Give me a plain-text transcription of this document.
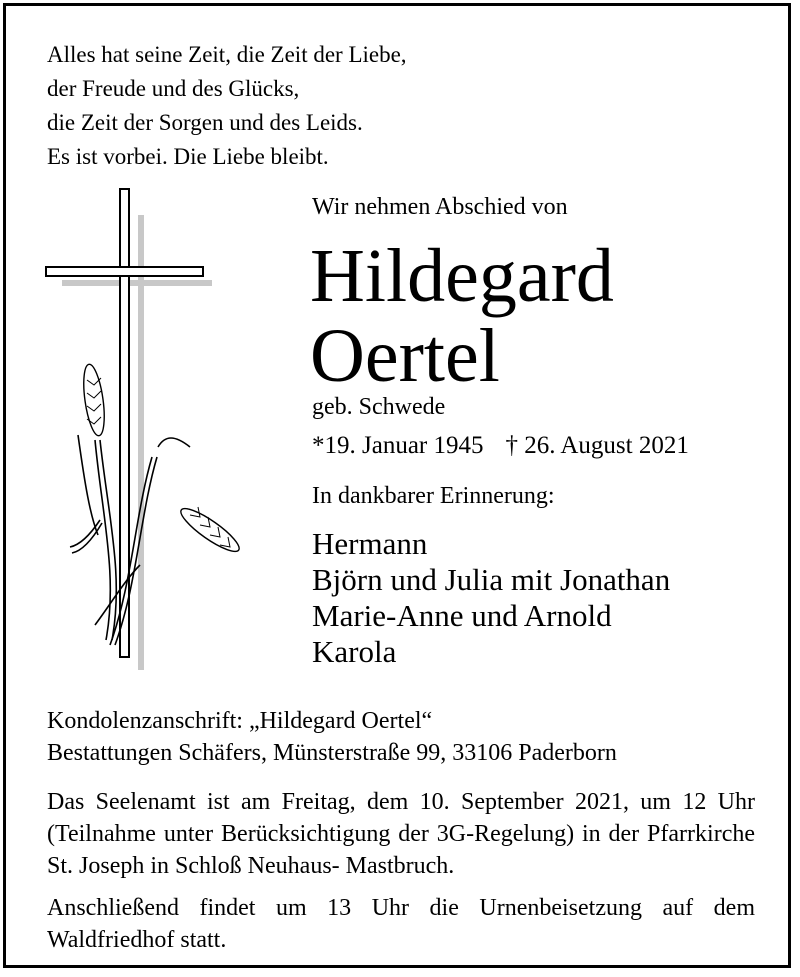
Alles hat seine Zeit, die Zeit der Liebe,
der Freude und des Glücks,
die Zeit der Sorgen und des Leids.
Es ist vorbei. Die Liebe bleibt.
Wir nehmen Abschied von
Hildegard
Oertel
geb. Schwede
*19. Januar 1945 † 26. August 2021
In dankbarer Erinnerung:
Hermann
Björn und Julia mit Jonathan
Marie-Anne und Arnold
Karola
Kondolenzanschrift: „Hildegard Oertel“
Bestattungen Schäfers, Münsterstraße 99, 33106 Paderborn
Das Seelenamt ist am Freitag, dem 10. September 2021, um 12 Uhr (Teilnahme unter Berücksichtigung der 3G-Regelung) in der Pfarrkirche St. Joseph in Schloß Neuhaus- Mastbruch.
Anschließend findet um 13 Uhr die Urnenbeisetzung auf dem Waldfriedhof statt.
